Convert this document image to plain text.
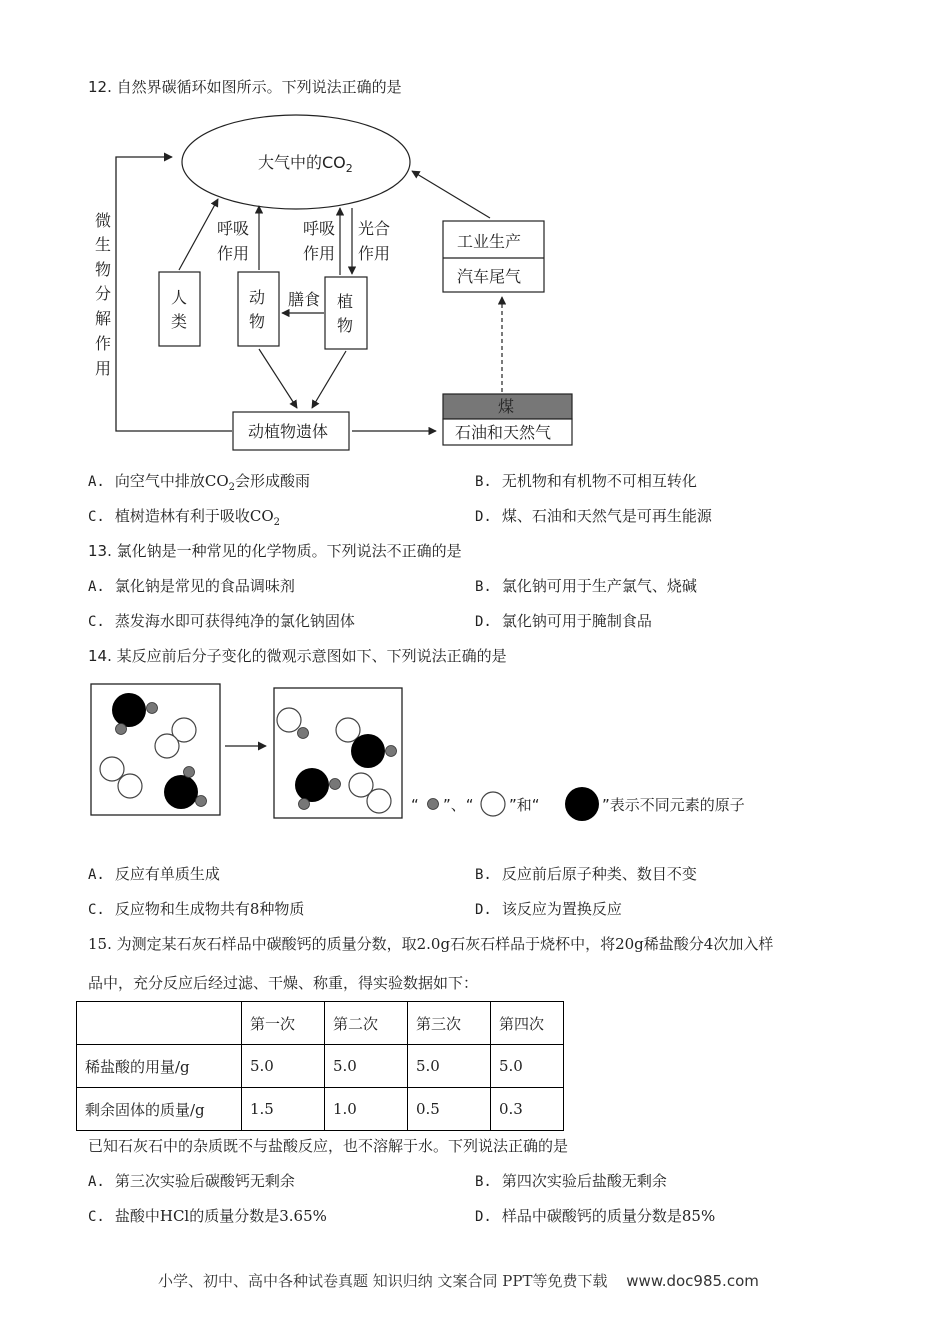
12. 自然界碳循环如图所示。下列说法正确的是
大气中的$CO_2$
微 生 物 分 解 作 用
人类
动物
呼吸作用
植物
呼吸作用
光合作用
膳食
动植物遗体
煤
石油和天然气
工业生产
汽车尾气
A. 向空气中排放$CO_2$会形成酸雨	B. 无机物和有机物不可相互转化
C. 植树造林有利于吸收$CO_2$	D. 煤、石油和天然气是可再生能源
13. 氯化钠是一种常见的化学物质。下列说法不正确的是
A. 氯化钠是常见的食品调味剂	B. 氯化钠可用于生产氯气、烧碱
C. 蒸发海水即可获得纯净的氯化钠固体	D. 氯化钠可用于腌制食品
14. 某反应前后分子变化的微观示意图如下、下列说法正确的是
“ ”、“ ”和“	”表示不同元素的原子
A. 反应有单质生成	B. 反应前后原子种类、数目不变
C. 反应物和生成物共有8种物质	D. 该反应为置换反应
15. 为测定某石灰石样品中碳酸钙的质量分数，取2.0g石灰石样品于烧杯中，将20g稀盐酸分4次加入样
品中，充分反应后经过滤、干燥、称重，得实验数据如下：
	第一次	第二次	第三次	第四次
稀盐酸的用量/g	5.0	5.0	5.0	5.0
剩余固体的质量/g	1.5	1.0	0.5	0.3
已知石灰石中的杂质既不与盐酸反应，也不溶解于水。下列说法正确的是
A. 第三次实验后碳酸钙无剩余	B. 第四次实验后盐酸无剩余
C. 盐酸中HCl的质量分数是3.65%	D. 样品中碳酸钙的质量分数是85%
小学、初中、高中各种试卷真题 知识归纳 文案合同 PPT等免费下载 www.doc985.com
